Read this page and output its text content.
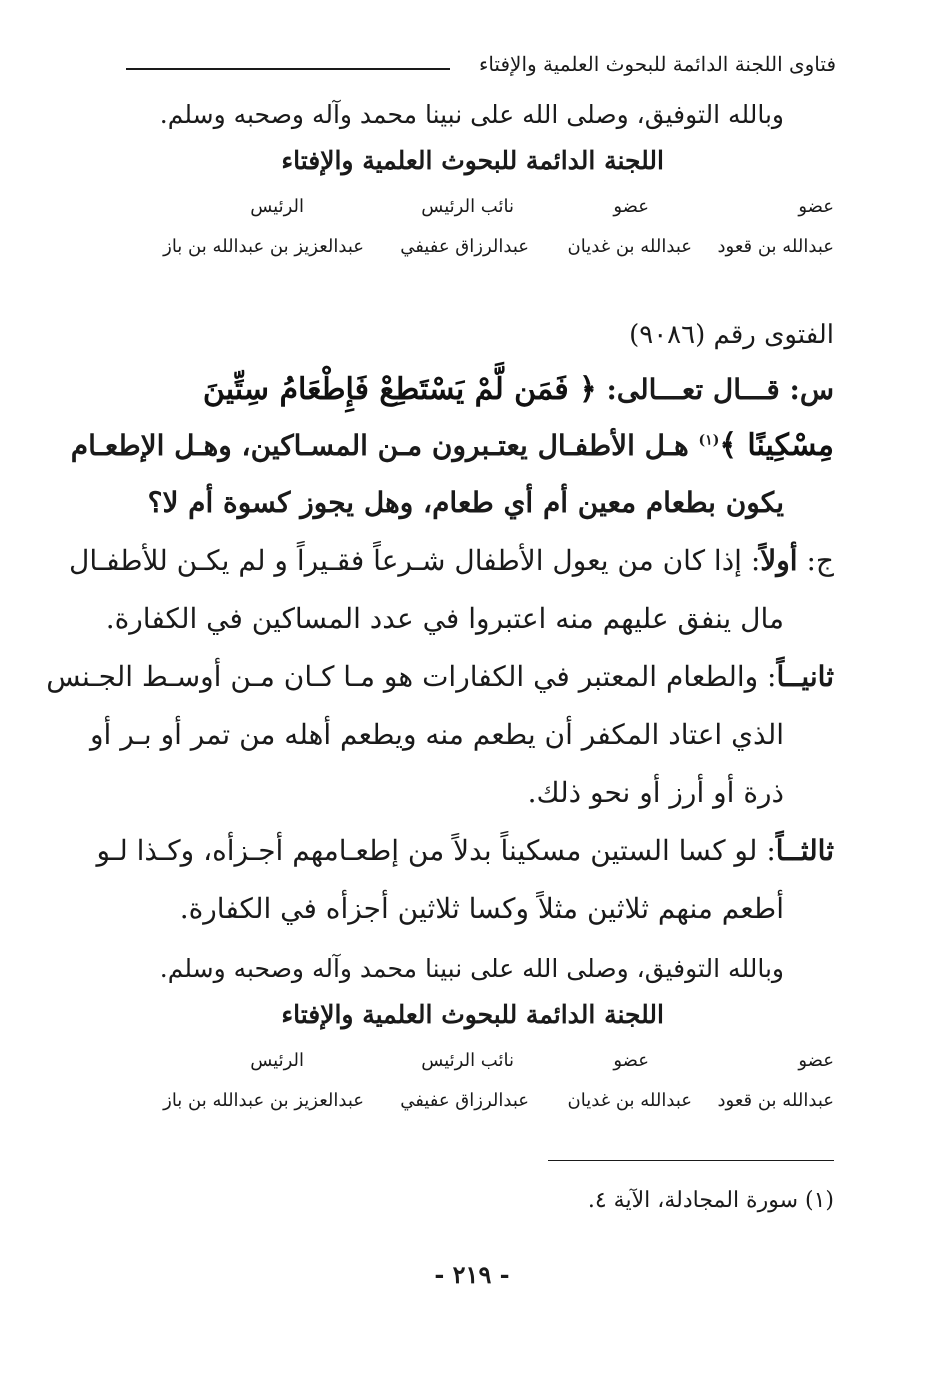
فتاوى اللجنة الدائمة للبحوث العلمية والإفتاء
وبالله التوفيق، وصلى الله على نبينا محمد وآله وصحبه وسلم.
اللجنة الدائمة للبحوث العلمية والإفتاء
عضو
عضو
نائب الرئيس
الرئيس
عبدالله بن قعود
عبدالله بن غديان
عبدالرزاق عفيفي
عبدالعزيز بن عبدالله بن باز
الفتوى رقم (٩٠٨٦)
س: قـــال تعـــالى: ﴿ فَمَن لَّمْ يَسْتَطِعْ فَإِطْعَامُ سِتِّينَ
مِسْكِينًا ﴾$^{(١)}$ هـل الأطفـال يعتـبرون مـن المسـاكين، وهـل الإطعـام
يكون بطعام معين أم أي طعام، وهل يجوز كسوة أم لا؟
ج: أولاً: إذا كان من يعول الأطفال شـرعاً فقـيراً و لم يكـن للأطفـال
مال ينفق عليهم منه اعتبروا في عدد المساكين في الكفارة.
ثانيــاً: والطعام المعتبر في الكفارات هو مـا كـان مـن أوسـط الجـنس
الذي اعتاد المكفر أن يطعم منه ويطعم أهله من تمر أو بـر أو
ذرة أو أرز أو نحو ذلك.
ثالثــاً: لو كسا الستين مسكيناً بدلاً من إطعـامهم أجـزأه، وكـذا لـو
أطعم منهم ثلاثين مثلاً وكسا ثلاثين أجزأه في الكفارة.
وبالله التوفيق، وصلى الله على نبينا محمد وآله وصحبه وسلم.
اللجنة الدائمة للبحوث العلمية والإفتاء
عضو
عضو
نائب الرئيس
الرئيس
عبدالله بن قعود
عبدالله بن غديان
عبدالرزاق عفيفي
عبدالعزيز بن عبدالله بن باز
(١) سورة المجادلة، الآية ٤.
- ٢١٩ -
